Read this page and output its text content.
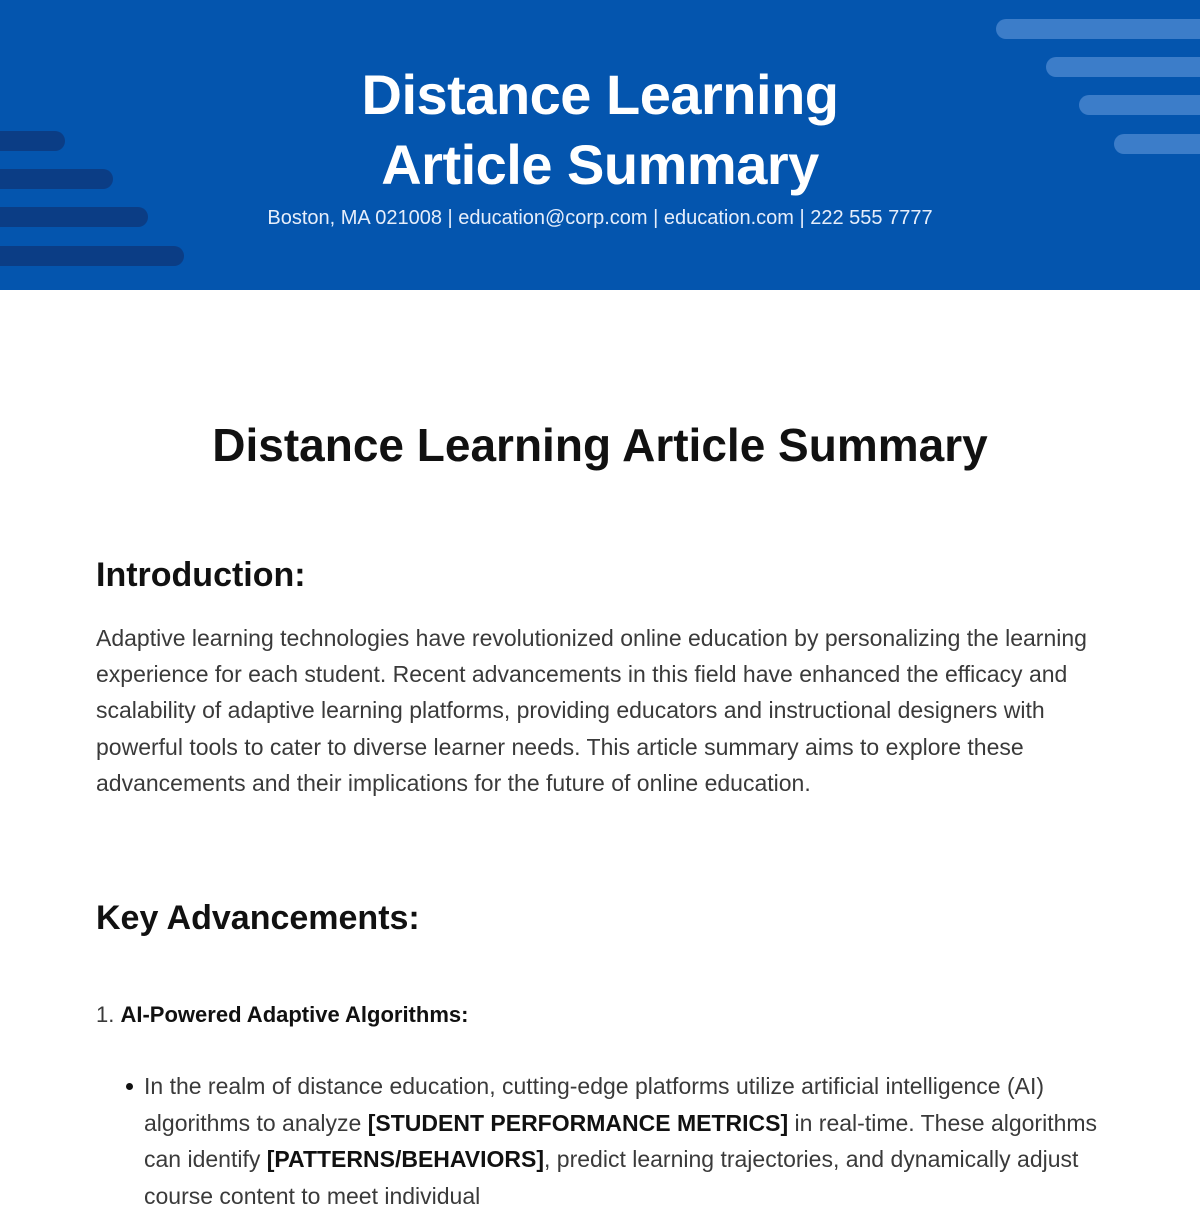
Distance Learning
Article Summary
Boston, MA 021008 | education@corp.com | education.com | 222 555 7777
Distance Learning Article Summary
Introduction:
Adaptive learning technologies have revolutionized online education by personalizing the learning experience for each student. Recent advancements in this field have enhanced the efficacy and scalability of adaptive learning platforms, providing educators and instructional designers with powerful tools to cater to diverse learner needs. This article summary aims to explore these advancements and their implications for the future of online education.
Key Advancements:
1. AI-Powered Adaptive Algorithms:
In the realm of distance education, cutting-edge platforms utilize artificial intelligence (AI) algorithms to analyze [STUDENT PERFORMANCE METRICS] in real-time. These algorithms can identify [PATTERNS/BEHAVIORS], predict learning trajectories, and dynamically adjust course content to meet individual
